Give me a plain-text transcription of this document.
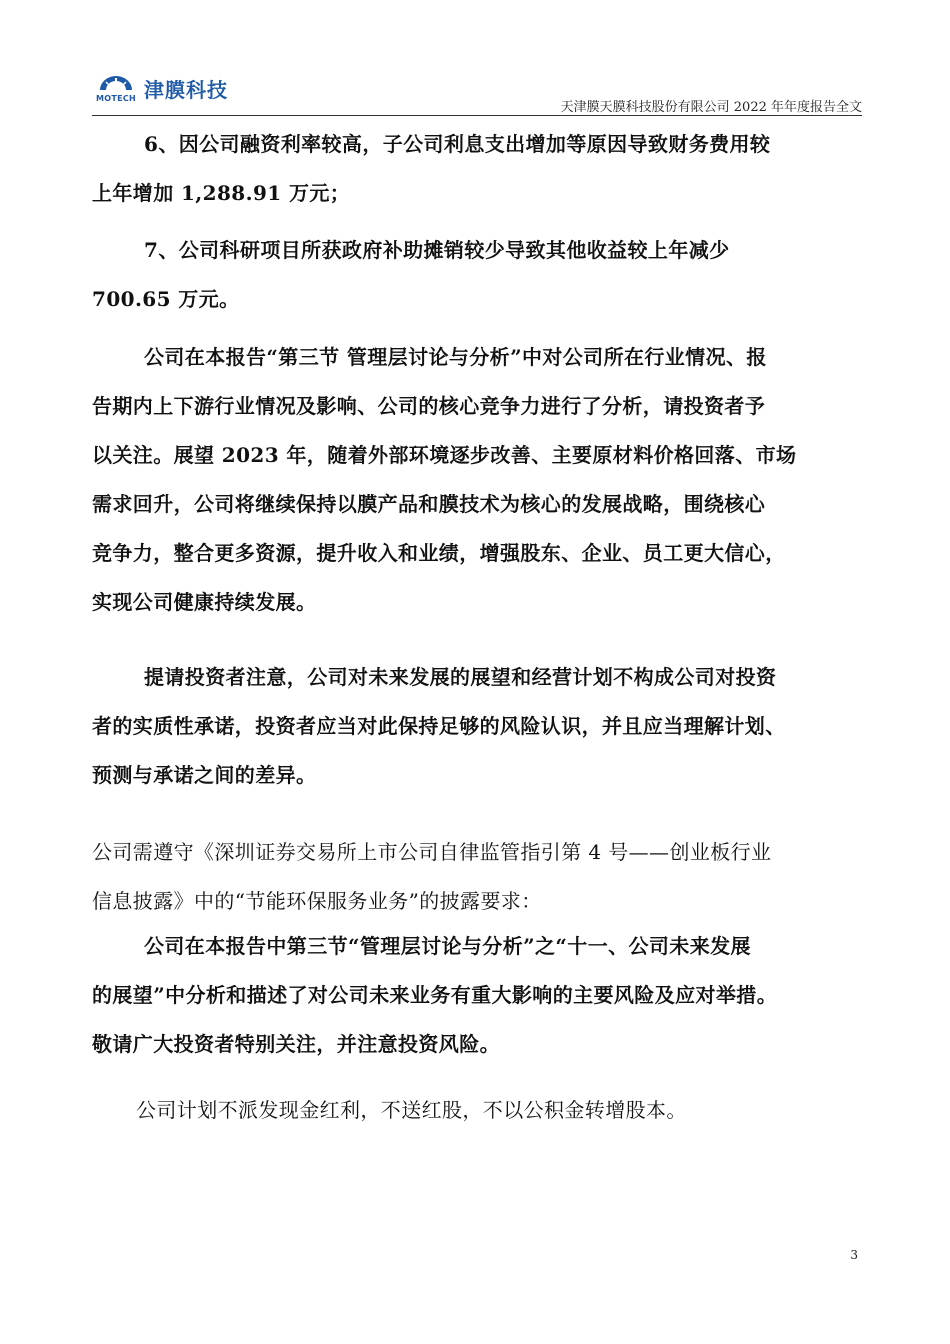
MOTECH 津膜科技
天津膜天膜科技股份有限公司 2022 年年度报告全文
6、因公司融资利率较高，子公司利息支出增加等原因导致财务费用较
上年增加 1,288.91 万元；
7、公司科研项目所获政府补助摊销较少导致其他收益较上年减少
700.65 万元。
公司在本报告“第三节 管理层讨论与分析”中对公司所在行业情况、报
告期内上下游行业情况及影响、公司的核心竞争力进行了分析，请投资者予
以关注。展望 2023 年，随着外部环境逐步改善、主要原材料价格回落、市场
需求回升，公司将继续保持以膜产品和膜技术为核心的发展战略，围绕核心
竞争力，整合更多资源，提升收入和业绩，增强股东、企业、员工更大信心，
实现公司健康持续发展。
提请投资者注意，公司对未来发展的展望和经营计划不构成公司对投资
者的实质性承诺，投资者应当对此保持足够的风险认识，并且应当理解计划、
预测与承诺之间的差异。
公司需遵守《深圳证券交易所上市公司自律监管指引第 4 号——创业板行业
信息披露》中的“节能环保服务业务”的披露要求：
公司在本报告中第三节“管理层讨论与分析”之“十一、公司未来发展
的展望”中分析和描述了对公司未来业务有重大影响的主要风险及应对举措。
敬请广大投资者特别关注，并注意投资风险。
公司计划不派发现金红利，不送红股，不以公积金转增股本。
3
